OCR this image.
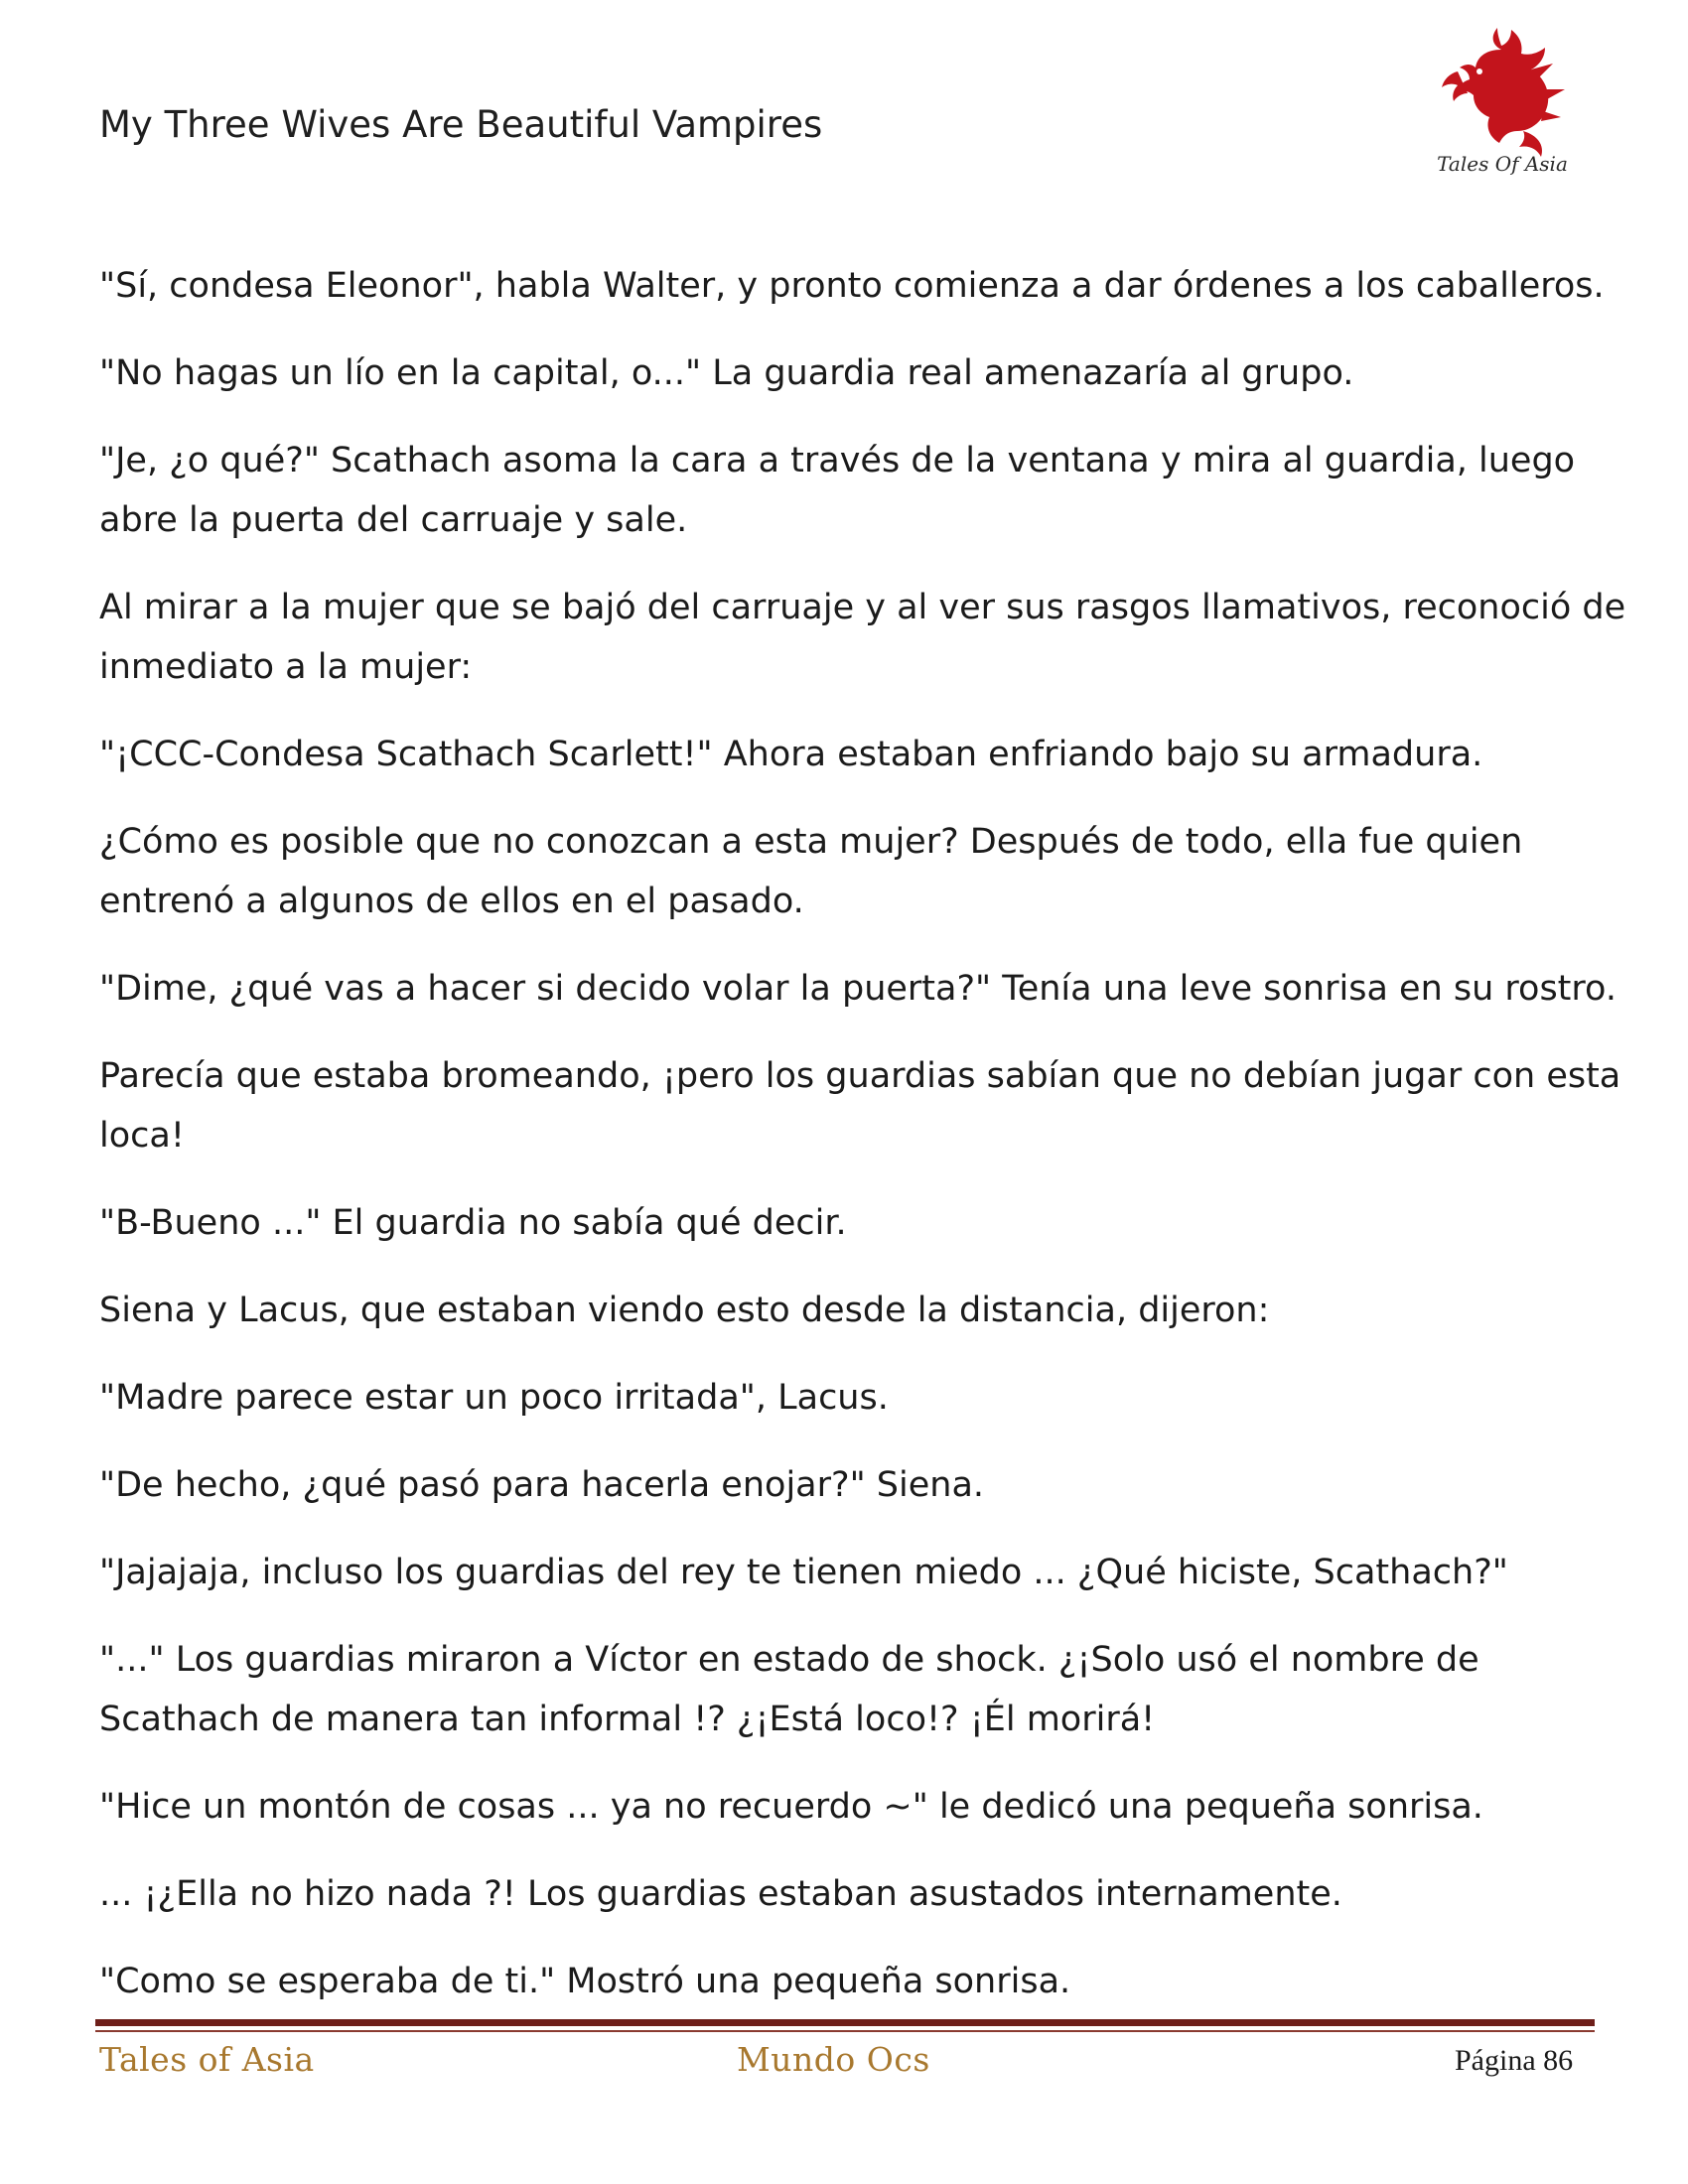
My Three Wives Are Beautiful Vampires
Tales Of Asia

"Sí, condesa Eleonor", habla Walter, y pronto comienza a dar órdenes a los caballeros.

"No hagas un lío en la capital, o..." La guardia real amenazaría al grupo.

"Je, ¿o qué?" Scathach asoma la cara a través de la ventana y mira al guardia, luego
abre la puerta del carruaje y sale.

Al mirar a la mujer que se bajó del carruaje y al ver sus rasgos llamativos, reconoció de
inmediato a la mujer:

"¡CCC-Condesa Scathach Scarlett!" Ahora estaban enfriando bajo su armadura.

¿Cómo es posible que no conozcan a esta mujer? Después de todo, ella fue quien
entrenó a algunos de ellos en el pasado.

"Dime, ¿qué vas a hacer si decido volar la puerta?" Tenía una leve sonrisa en su rostro.

Parecía que estaba bromeando, ¡pero los guardias sabían que no debían jugar con esta
loca!

"B-Bueno ..." El guardia no sabía qué decir.

Siena y Lacus, que estaban viendo esto desde la distancia, dijeron:

"Madre parece estar un poco irritada", Lacus.

"De hecho, ¿qué pasó para hacerla enojar?" Siena.

"Jajajaja, incluso los guardias del rey te tienen miedo ... ¿Qué hiciste, Scathach?"

"..." Los guardias miraron a Víctor en estado de shock. ¿¡Solo usó el nombre de
Scathach de manera tan informal !? ¿¡Está loco!? ¡Él morirá!

"Hice un montón de cosas ... ya no recuerdo ~" le dedicó una pequeña sonrisa.

... ¡¿Ella no hizo nada ?! Los guardias estaban asustados internamente.

"Como se esperaba de ti." Mostró una pequeña sonrisa.

Tales of Asia	Mundo Ocs	Página 86
